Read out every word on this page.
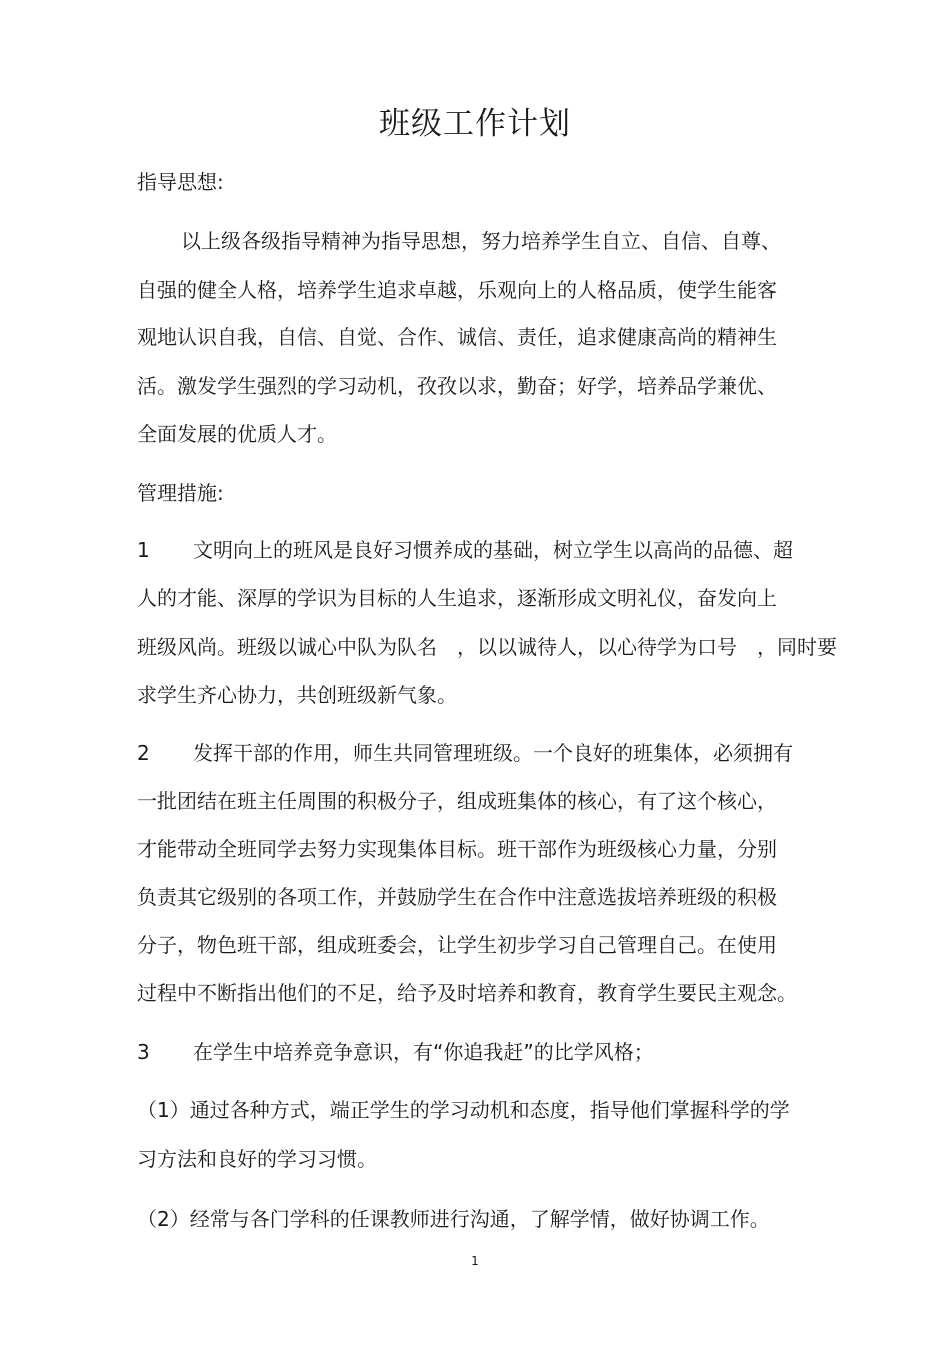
班级工作计划
指导思想:
以上级各级指导精神为指导思想，努力培养学生自立、自信、自尊、
自强的健全人格，培养学生追求卓越，乐观向上的人格品质，使学生能客
观地认识自我，自信、自觉、合作、诚信、责任，追求健康高尚的精神生
活。激发学生强烈的学习动机，孜孜以求，勤奋；好学，培养品学兼优、
全面发展的优质人才。
管理措施:
1 文明向上的班风是良好习惯养成的基础，树立学生以高尚的品德、超
人的才能、深厚的学识为目标的人生追求，逐渐形成文明礼仪，奋发向上
班级风尚。班级以诚心中队为队名　，以以诚待人，以心待学为口号　，同时要
求学生齐心协力，共创班级新气象。
2 发挥干部的作用，师生共同管理班级。一个良好的班集体，必须拥有
一批团结在班主任周围的积极分子，组成班集体的核心，有了这个核心，
才能带动全班同学去努力实现集体目标。班干部作为班级核心力量，分别
负责其它级别的各项工作，并鼓励学生在合作中注意选拔培养班级的积极
分子，物色班干部，组成班委会，让学生初步学习自己管理自己。在使用
过程中不断指出他们的不足，给予及时培养和教育，教育学生要民主观念。
3 在学生中培养竞争意识，有“你追我赶”的比学风格；
（1）通过各种方式，端正学生的学习动机和态度，指导他们掌握科学的学
习方法和良好的学习习惯。
（2）经常与各门学科的任课教师进行沟通，了解学情，做好协调工作。
1
